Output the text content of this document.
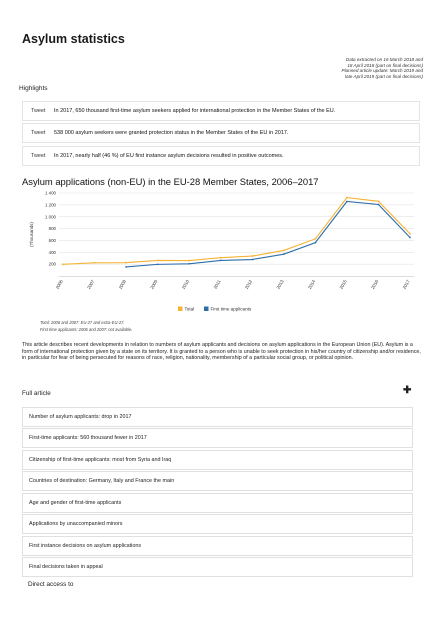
Asylum statistics
Data extracted on 16 March 2018 and
18 April 2018 (part on final decisions)
Planned article update: March 2019 and
late April 2019 (part on final decisions)
Highlights
Tweet	In 2017, 650 thousand first-time asylum seekers applied for international protection in the Member States of the EU.
Tweet	538 000 asylum seekers were granted protection status in the Member States of the EU in 2017.
Tweet	In 2017, nearly half (46 %) of EU first instance asylum decisions resulted in positive outcomes.
Asylum applications (non-EU) in the EU-28 Member States, 2006–2017
200
400
600
800
1 000
1 200
1 400
(Thousands)
2006	2007	2008	2009	2010	2011	2012	2013	2014	2015	2016	2017
Total	First time applicants
Total: 2006 and 2007: EU-27 and extra-EU-27.
First time applicants: 2006 and 2007: not available.

This article describes recent developments in relation to numbers of asylum applicants and decisions on asylum applications in the European Union (EU). Asylum is a form of international protection given by a state on its territory. It is granted to a person who is unable to seek protection in his/her country of citizenship and/or residence, in particular for fear of being persecuted for reasons of race, religion, nationality, membership of a particular social group, or political opinion.

Full article	✚
Number of asylum applicants: drop in 2017
First-time applicants: 560 thousand fewer in 2017
Citizenship of first-time applicants: most from Syria and Iraq
Countries of destination: Germany, Italy and France the main
Age and gender of first-time applicants
Applications by unaccompanied minors
First instance decisions on asylum applications
Final decisions taken in appeal
Direct access to
